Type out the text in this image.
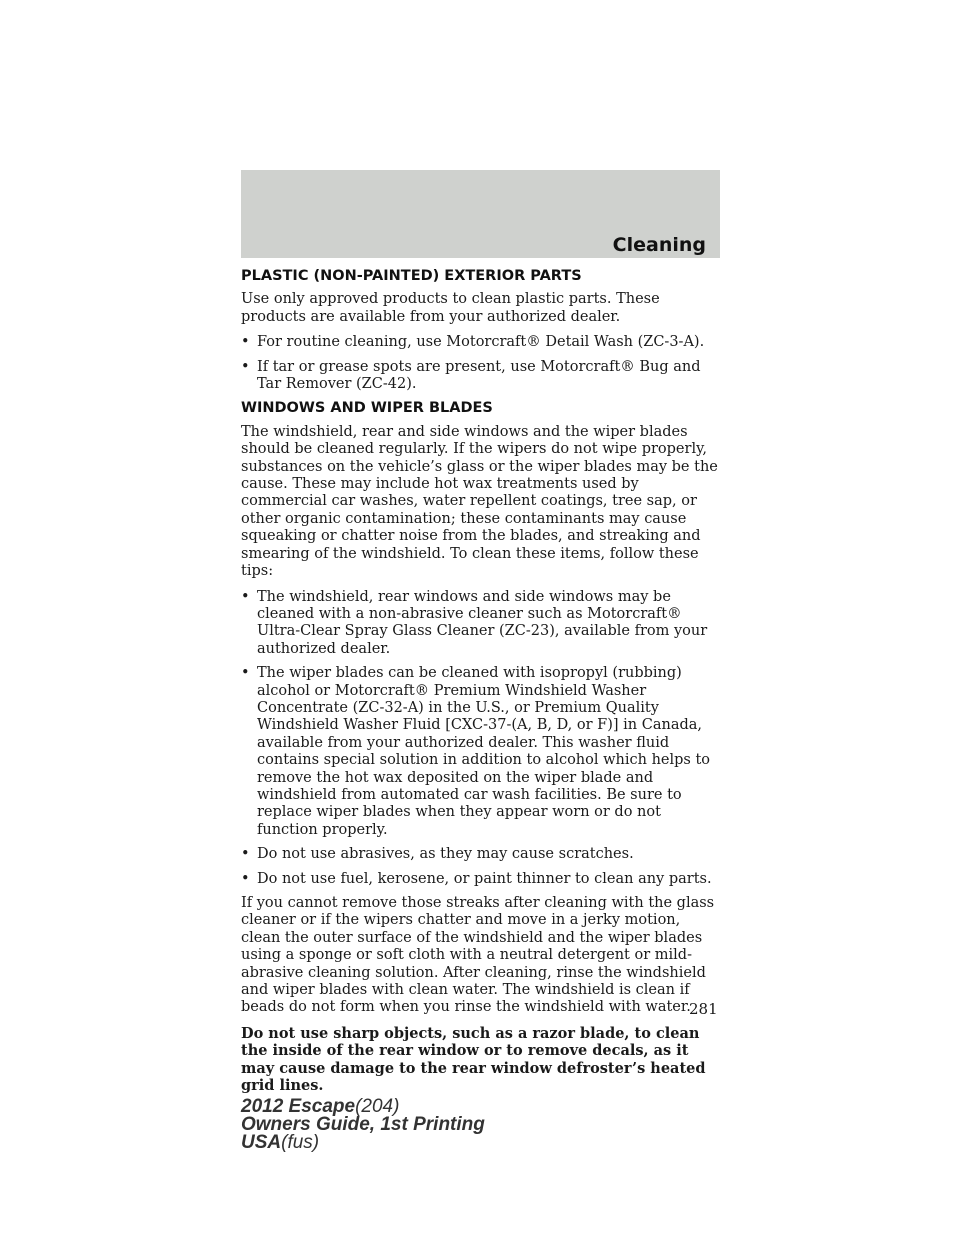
Cleaning
PLASTIC (NON-PAINTED) EXTERIOR PARTS

Use only approved products to clean plastic parts. These products are available from your authorized dealer.

• For routine cleaning, use Motorcraft® Detail Wash (ZC-3-A).
• If tar or grease spots are present, use Motorcraft® Bug and Tar Remover (ZC-42).
WINDOWS AND WIPER BLADES

The windshield, rear and side windows and the wiper blades should be cleaned regularly. If the wipers do not wipe properly, substances on the vehicle’s glass or the wiper blades may be the cause. These may include hot wax treatments used by commercial car washes, water repellent coatings, tree sap, or other organic contamination; these contaminants may cause squeaking or chatter noise from the blades, and streaking and smearing of the windshield. To clean these items, follow these tips:

• The windshield, rear windows and side windows may be cleaned with a non-abrasive cleaner such as Motorcraft® Ultra-Clear Spray Glass Cleaner (ZC-23), available from your authorized dealer.
• The wiper blades can be cleaned with isopropyl (rubbing) alcohol or Motorcraft® Premium Windshield Washer Concentrate (ZC-32-A) in the U.S., or Premium Quality Windshield Washer Fluid [CXC-37-(A, B, D, or F)] in Canada, available from your authorized dealer. This washer fluid contains special solution in addition to alcohol which helps to remove the hot wax deposited on the wiper blade and windshield from automated car wash facilities. Be sure to replace wiper blades when they appear worn or do not function properly.
• Do not use abrasives, as they may cause scratches.
• Do not use fuel, kerosene, or paint thinner to clean any parts.

If you cannot remove those streaks after cleaning with the glass cleaner or if the wipers chatter and move in a jerky motion, clean the outer surface of the windshield and the wiper blades using a sponge or soft cloth with a neutral detergent or mild-abrasive cleaning solution. After cleaning, rinse the windshield and wiper blades with clean water. The windshield is clean if beads do not form when you rinse the windshield with water.

Do not use sharp objects, such as a razor blade, to clean the inside of the rear window or to remove decals, as it may cause damage to the rear window defroster’s heated grid lines.

281
2012 Escape(204)
Owners Guide, 1st Printing
USA(fus)
